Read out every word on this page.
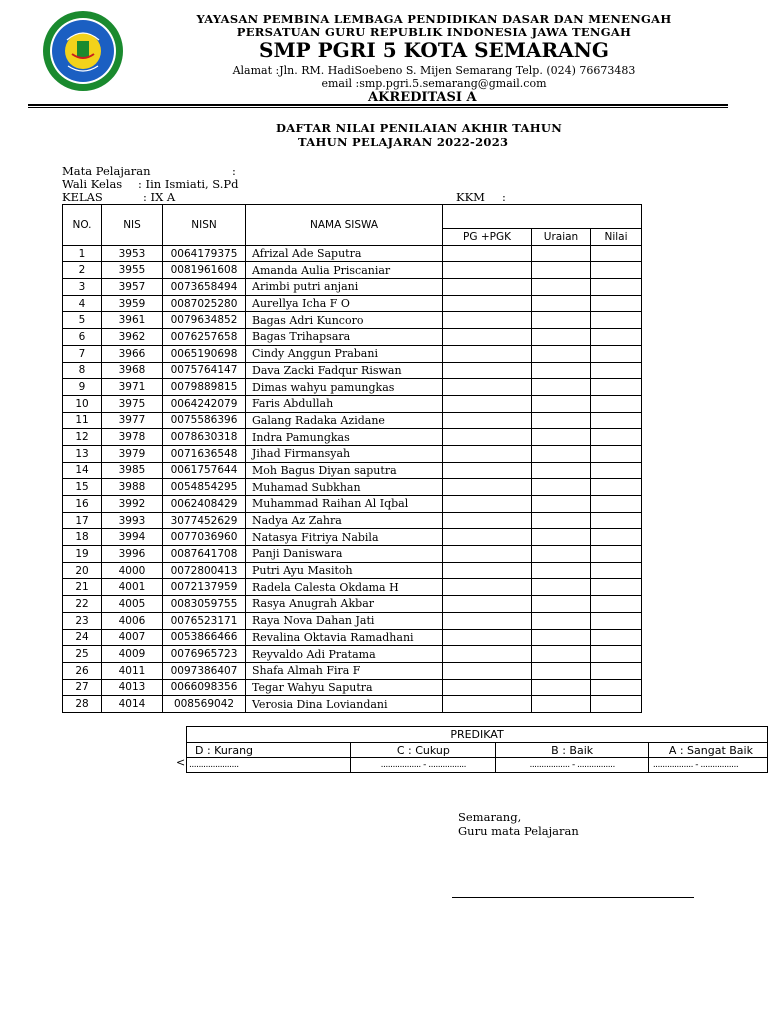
YAYASAN PEMBINA LEMBAGA PENDIDIKAN DASAR DAN MENENGAH
PERSATUAN GURU REPUBLIK INDONESIA JAWA TENGAH
SMP PGRI 5 KOTA SEMARANG
Alamat :Jln. RM. HadiSoebeno S. Mijen Semarang Telp. (024) 76673483
email :smp.pgri.5.semarang@gmail.com
AKREDITASI A
DAFTAR NILAI PENILAIAN AKHIR TAHUN
TAHUN PELAJARAN 2022-2023
Mata Pelajaran	:
Wali Kelas : Iin Ismiati, S.Pd
KELAS	: IX A	KKM :
NO.	NIS	NISN	NAMA SISWA			
				PG +PGK	Uraian	Nilai
1	3953	0064179375	Afrizal Ade Saputra			
2	3955	0081961608	Amanda Aulia Priscaniar			
3	3957	0073658494	Arimbi putri anjani			
4	3959	0087025280	Aurellya Icha F O			
5	3961	0079634852	Bagas Adri Kuncoro			
6	3962	0076257658	Bagas Trihapsara			
7	3966	0065190698	Cindy Anggun Prabani			
8	3968	0075764147	Dava Zacki Fadqur Riswan			
9	3971	0079889815	Dimas wahyu pamungkas			
10	3975	0064242079	Faris Abdullah			
11	3977	0075586396	Galang Radaka Azidane			
12	3978	0078630318	Indra Pamungkas			
13	3979	0071636548	Jihad Firmansyah			
14	3985	0061757644	Moh Bagus Diyan saputra			
15	3988	0054854295	Muhamad Subkhan			
16	3992	0062408429	Muhammad Raihan Al Iqbal			
17	3993	3077452629	Nadya Az Zahra			
18	3994	0077036960	Natasya Fitriya Nabila			
19	3996	0087641708	Panji Daniswara			
20	4000	0072800413	Putri Ayu Masitoh			
21	4001	0072137959	Radela Calesta Okdama H			
22	4005	0083059755	Rasya Anugrah Akbar			
23	4006	0076523171	Raya Nova Dahan Jati			
24	4007	0053866466	Revalina Oktavia Ramadhani			
25	4009	0076965723	Reyvaldo Adi Pratama			
26	4011	0097386407	Shafa Almah Fira F			
27	4013	0066098356	Tegar Wahyu Saputra			
28	4014	008569042	Verosia Dina Loviandani			
<
PREDIKAT			
D : Kurang	C : Cukup	B : Baik	A : Sangat Baik
.....................	................. - ................	................. - ................	................. - ................
Semarang,
Guru mata Pelajaran
